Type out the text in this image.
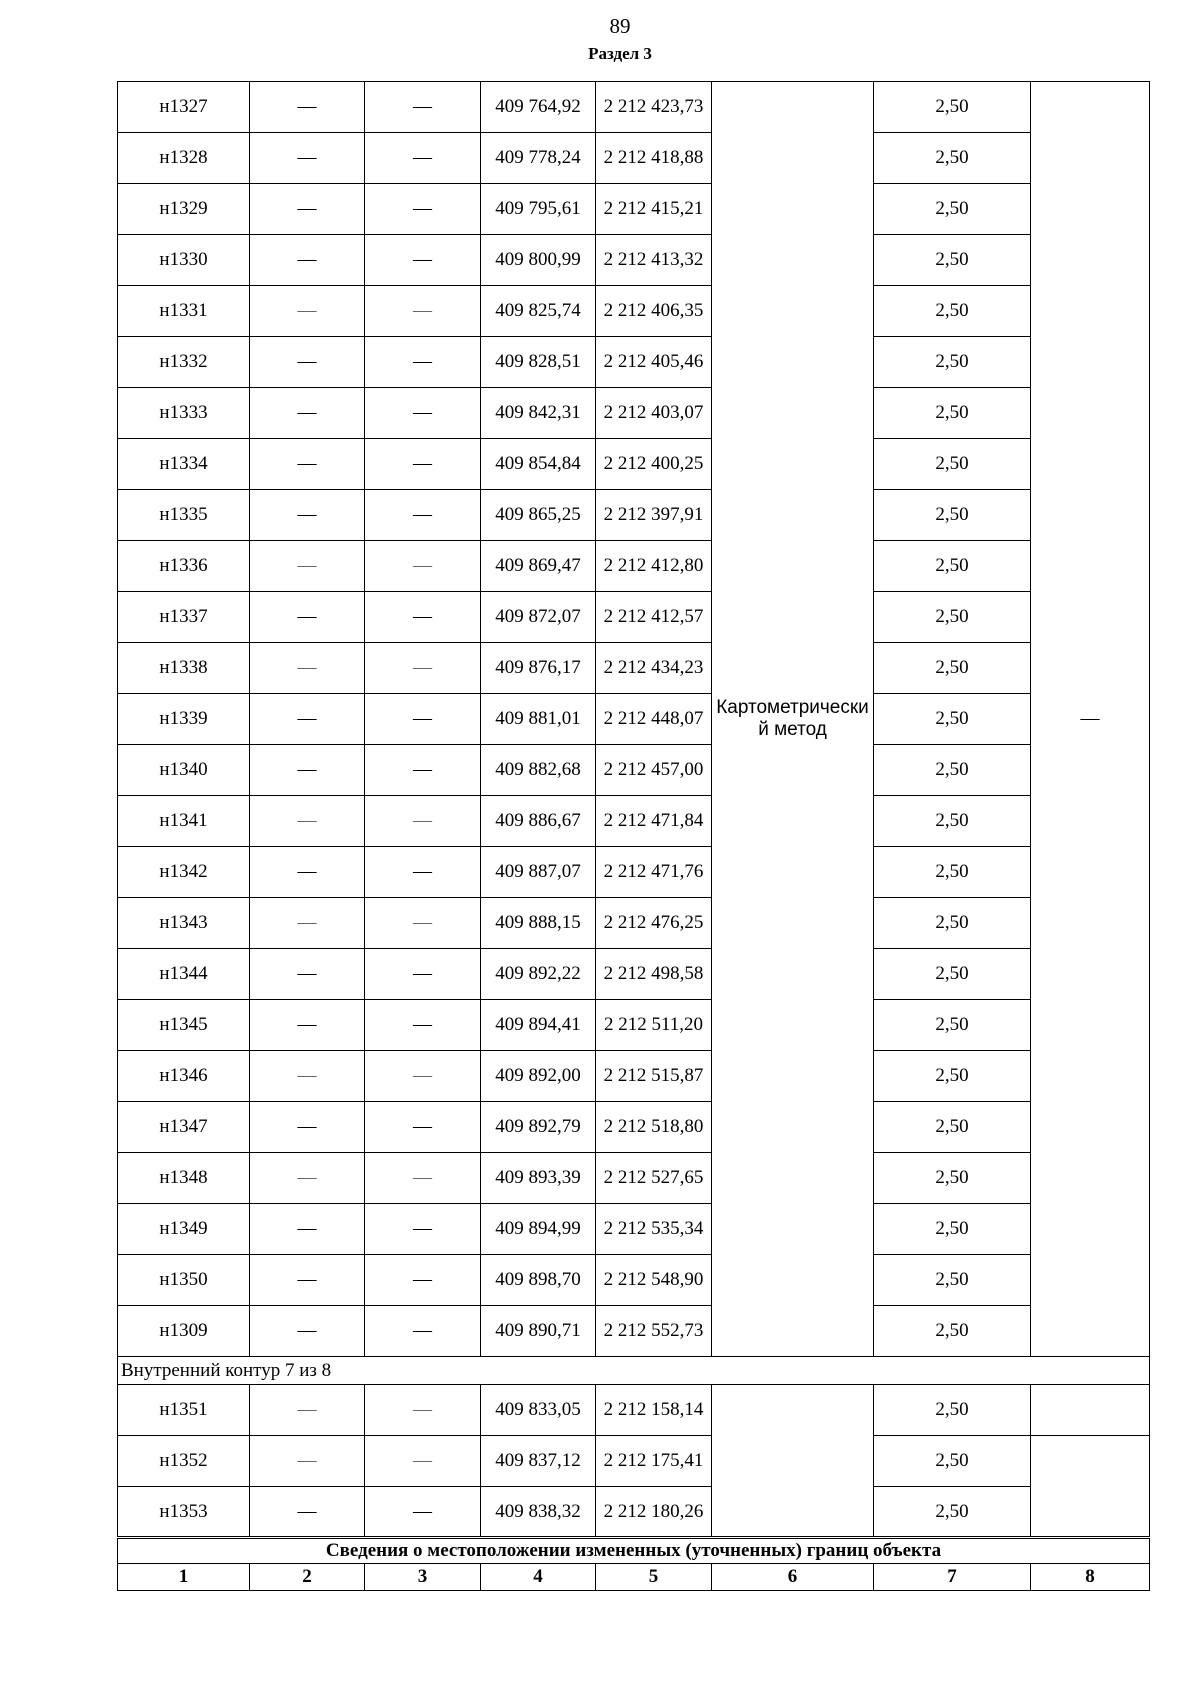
89
Раздел 3
н1327	—	—	409 764,92	2 212 423,73	Картометрически й метод	2,50	—
н1328	—	—	409 778,24	2 212 418,88		2,50	
н1329	—	—	409 795,61	2 212 415,21		2,50	
н1330	—	—	409 800,99	2 212 413,32		2,50	
н1331	—	—	409 825,74	2 212 406,35		2,50	
н1332	—	—	409 828,51	2 212 405,46		2,50	
н1333	—	—	409 842,31	2 212 403,07		2,50	
н1334	—	—	409 854,84	2 212 400,25		2,50	
н1335	—	—	409 865,25	2 212 397,91		2,50	
н1336	—	—	409 869,47	2 212 412,80		2,50	
н1337	—	—	409 872,07	2 212 412,57		2,50	
н1338	—	—	409 876,17	2 212 434,23		2,50	
н1339	—	—	409 881,01	2 212 448,07		2,50	
н1340	—	—	409 882,68	2 212 457,00		2,50	
н1341	—	—	409 886,67	2 212 471,84		2,50	
н1342	—	—	409 887,07	2 212 471,76		2,50	
н1343	—	—	409 888,15	2 212 476,25		2,50	
н1344	—	—	409 892,22	2 212 498,58		2,50	
н1345	—	—	409 894,41	2 212 511,20		2,50	
н1346	—	—	409 892,00	2 212 515,87		2,50	
н1347	—	—	409 892,79	2 212 518,80		2,50	
н1348	—	—	409 893,39	2 212 527,65		2,50	
н1349	—	—	409 894,99	2 212 535,34		2,50	
н1350	—	—	409 898,70	2 212 548,90		2,50	
н1309	—	—	409 890,71	2 212 552,73		2,50	
Внутренний контур 7 из 8							
н1351	—	—	409 833,05	2 212 158,14		2,50	
н1352	—	—	409 837,12	2 212 175,41		2,50	
н1353	—	—	409 838,32	2 212 180,26		2,50	
Сведения о местоположении измененных (уточненных) границ объекта							
1	2	3	4	5	6	7	8
